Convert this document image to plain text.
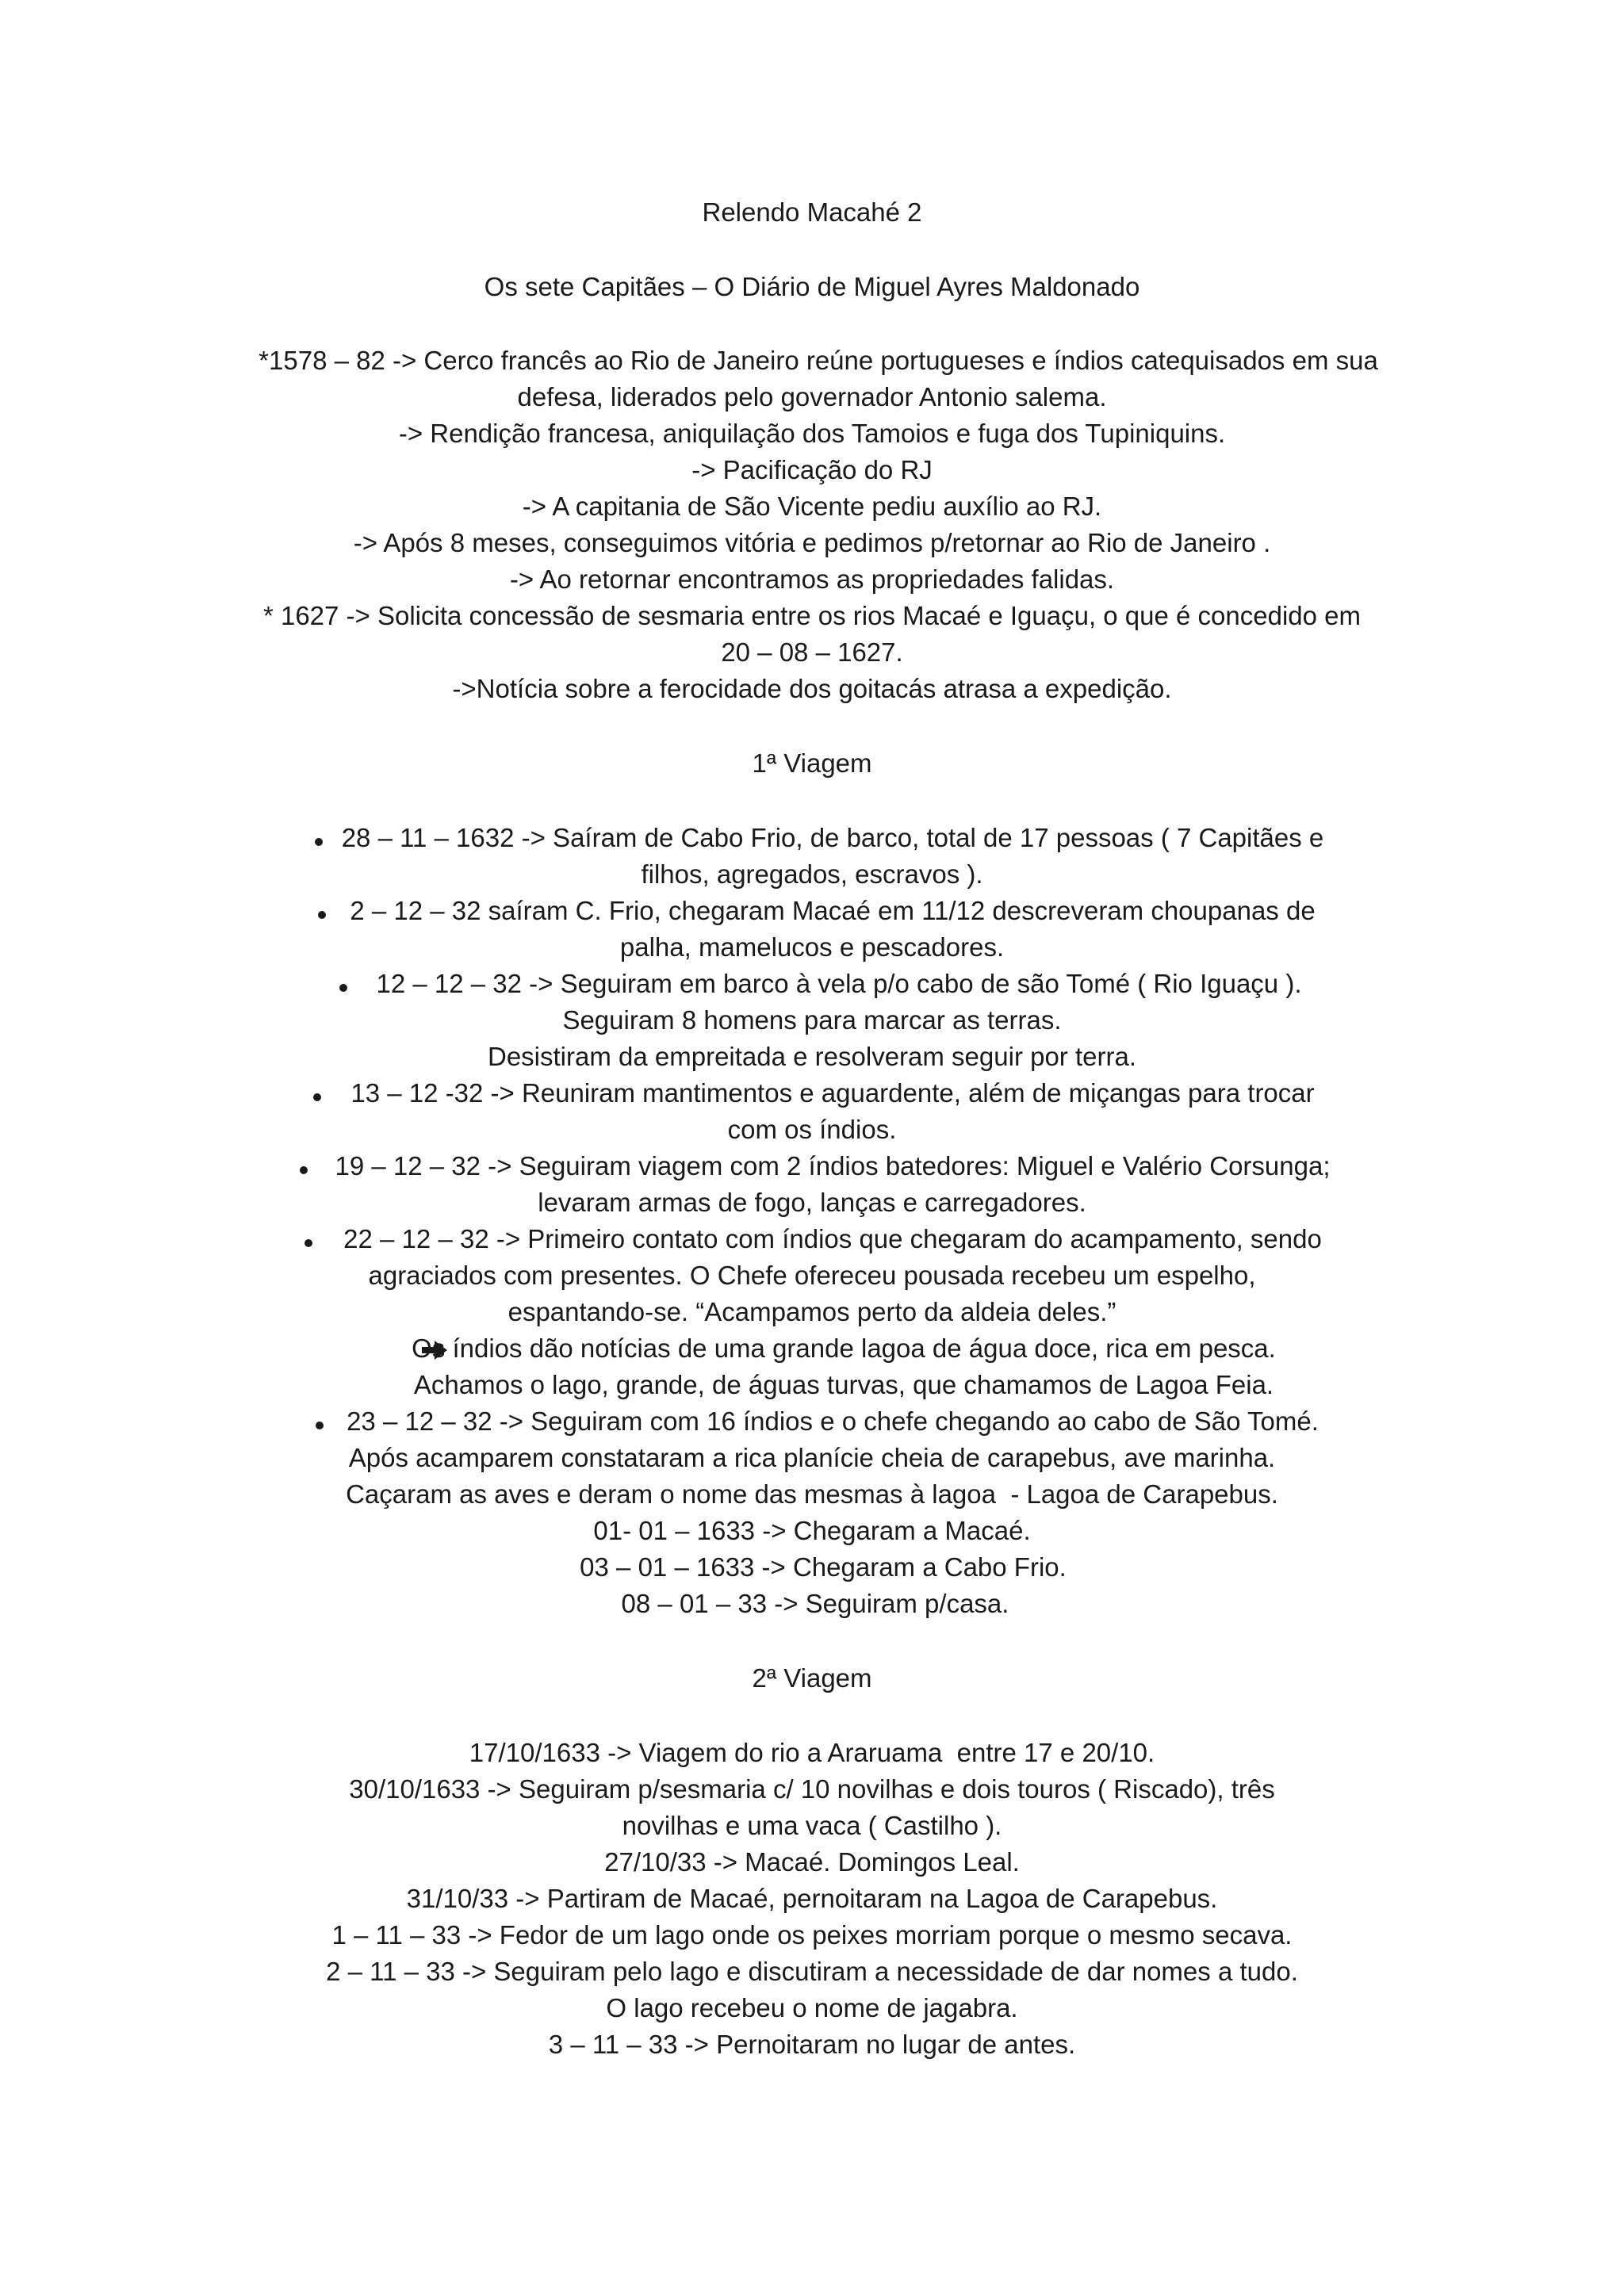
Relendo Macahé 2
Os sete Capitães – O Diário de Miguel Ayres Maldonado
*1578 – 82 -> Cerco francês ao Rio de Janeiro reúne portugueses e índios catequisados em sua
defesa, liderados pelo governador Antonio salema.
-> Rendição francesa, aniquilação dos Tamoios e fuga dos Tupiniquins.
-> Pacificação do RJ
-> A capitania de São Vicente pediu auxílio ao RJ.
-> Após 8 meses, conseguimos vitória e pedimos p/retornar ao Rio de Janeiro .
-> Ao retornar encontramos as propriedades falidas.
* 1627 -> Solicita concessão de sesmaria entre os rios Macaé e Iguaçu, o que é concedido em
20 – 08 – 1627.
->Notícia sobre a ferocidade dos goitacás atrasa a expedição.
1ª Viagem
28 – 11 – 1632 -> Saíram de Cabo Frio, de barco, total de 17 pessoas ( 7 Capitães e
filhos, agregados, escravos ).
2 – 12 – 32 saíram C. Frio, chegaram Macaé em 11/12 descreveram choupanas de
palha, mamelucos e pescadores.
12 – 12 – 32 -> Seguiram em barco à vela p/o cabo de são Tomé ( Rio Iguaçu ).
Seguiram 8 homens para marcar as terras.
Desistiram da empreitada e resolveram seguir por terra.
13 – 12 -32 -> Reuniram mantimentos e aguardente, além de miçangas para trocar
com os índios.
19 – 12 – 32 -> Seguiram viagem com 2 índios batedores: Miguel e Valério Corsunga;
levaram armas de fogo, lanças e carregadores.
22 – 12 – 32 -> Primeiro contato com índios que chegaram do acampamento, sendo
agraciados com presentes. O Chefe ofereceu pousada recebeu um espelho,
espantando-se. “Acampamos perto da aldeia deles.”
Os índios dão notícias de uma grande lagoa de água doce, rica em pesca.
Achamos o lago, grande, de águas turvas, que chamamos de Lagoa Feia.
23 – 12 – 32 -> Seguiram com 16 índios e o chefe chegando ao cabo de São Tomé.
Após acamparem constataram a rica planície cheia de carapebus, ave marinha.
Caçaram as aves e deram o nome das mesmas à lagoa  - Lagoa de Carapebus.
01- 01 – 1633 -> Chegaram a Macaé.
03 – 01 – 1633 -> Chegaram a Cabo Frio.
08 – 01 – 33 -> Seguiram p/casa.
2ª Viagem
17/10/1633 -> Viagem do rio a Araruama  entre 17 e 20/10.
30/10/1633 -> Seguiram p/sesmaria c/ 10 novilhas e dois touros ( Riscado), três
novilhas e uma vaca ( Castilho ).
27/10/33 -> Macaé. Domingos Leal.
31/10/33 -> Partiram de Macaé, pernoitaram na Lagoa de Carapebus.
1 – 11 – 33 -> Fedor de um lago onde os peixes morriam porque o mesmo secava.
2 – 11 – 33 -> Seguiram pelo lago e discutiram a necessidade de dar nomes a tudo.
O lago recebeu o nome de jagabra.
3 – 11 – 33 -> Pernoitaram no lugar de antes.
